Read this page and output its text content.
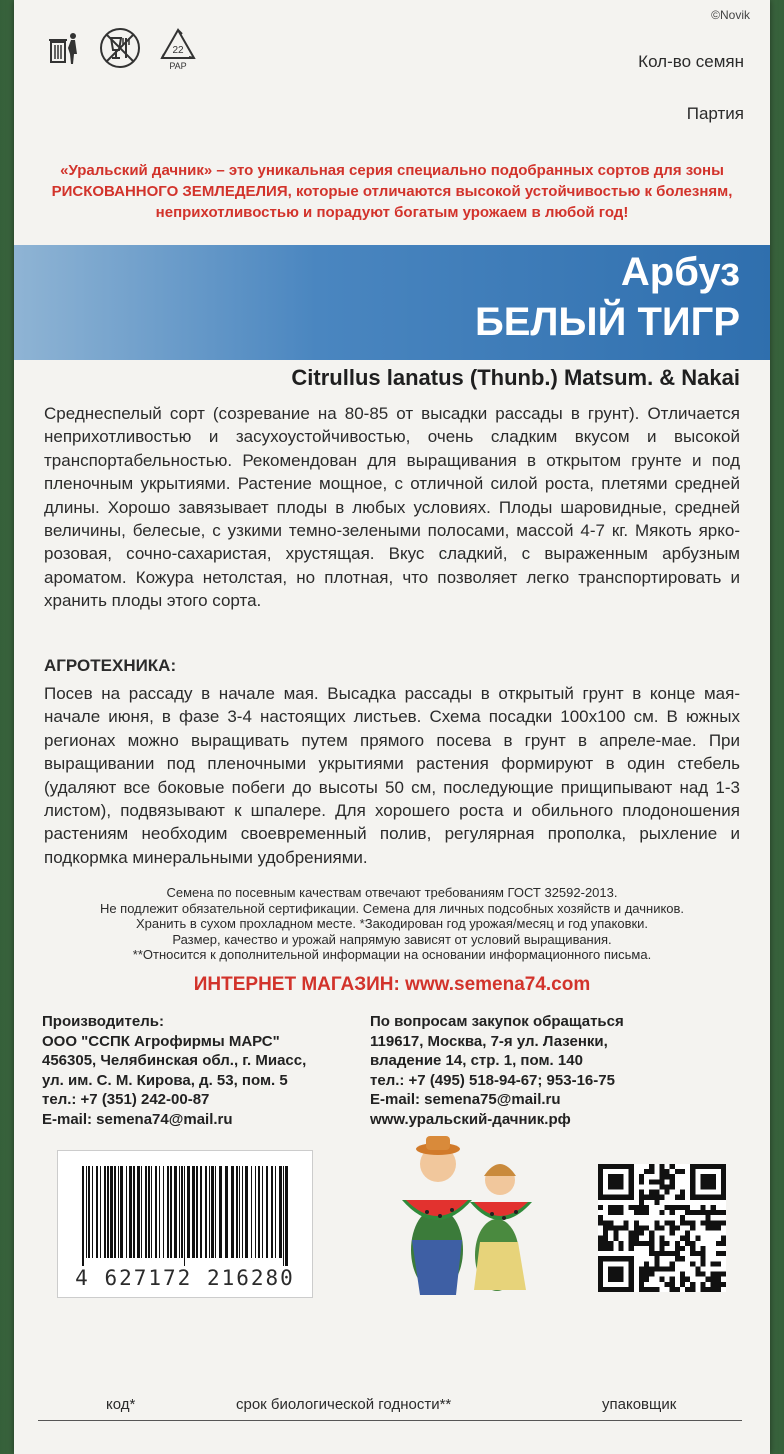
22
PAP
©Novik
Кол-во семян
Партия
«Уральский дачник» – это уникальная серия специально подобранных сортов для зоны РИСКОВАННОГО ЗЕМЛЕДЕЛИЯ, которые отличаются высокой устойчивостью к болезням, неприхотливостью и порадуют богатым урожаем в любой год!
Арбуз
БЕЛЫЙ ТИГР
Citrullus lanatus (Thunb.) Matsum. & Nakai
Среднеспелый сорт (созревание на 80-85 от высадки рассады в грунт). Отличается неприхотливостью и засухоустойчивостью, очень сладким вкусом и высокой транспортабельностью. Рекомендован для выращивания в открытом грунте и под пленочным укрытиями. Растение мощное, с отличной силой роста, плетями средней длины. Хорошо завязывает плоды в любых условиях. Плоды шаровидные, средней величины, белесые, с узкими темно-зелеными полосами, массой 4-7 кг. Мякоть ярко-розовая, сочно-сахаристая, хрустящая. Вкус сладкий, с выраженным арбузным ароматом. Кожура нетолстая, но плотная, что позволяет легко транспортировать и хранить плоды этого сорта.
АГРОТЕХНИКА:
Посев на рассаду в начале мая. Высадка рассады в открытый грунт в конце мая-начале июня, в фазе 3-4 настоящих листьев. Схема посадки 100х100 см. В южных регионах можно выращивать путем прямого посева в грунт в апреле-мае. При выращивании под пленочными укрытиями растения формируют в один стебель (удаляют все боковые побеги до высоты 50 см, последующие прищипывают над 1-3 листом), подвязывают к шпалере. Для хорошего роста и обильного плодоношения растениям необходим своевременный полив, регулярная прополка, рыхление и подкормка минеральными удобрениями.
Семена по посевным качествам отвечают требованиям ГОСТ 32592-2013.
Не подлежит обязательной сертификации. Семена для личных подсобных хозяйств и дачников.
Хранить в сухом прохладном месте. *Закодирован год урожая/месяц и год упаковки.
Размер, качество и урожай напрямую зависят от условий выращивания.
**Относится к дополнительной информации на основании информационного письма.
ИНТЕРНЕТ МАГАЗИН: www.semena74.com
Производитель:
ООО "ССПК Агрофирмы МАРС"
456305, Челябинская обл., г. Миасс,
ул. им. С. М. Кирова, д. 53, пом. 5
тел.: +7 (351) 242-00-87
E-mail: semena74@mail.ru
По вопросам закупок обращаться
119617, Москва, 7-я ул. Лазенки,
владение 14, стр. 1, пом. 140
тел.: +7 (495) 518-94-67; 953-16-75
E-mail: semena75@mail.ru
www.уральский-дачник.рф
4 627172 216280
код*	срок биологической годности**	упаковщик
